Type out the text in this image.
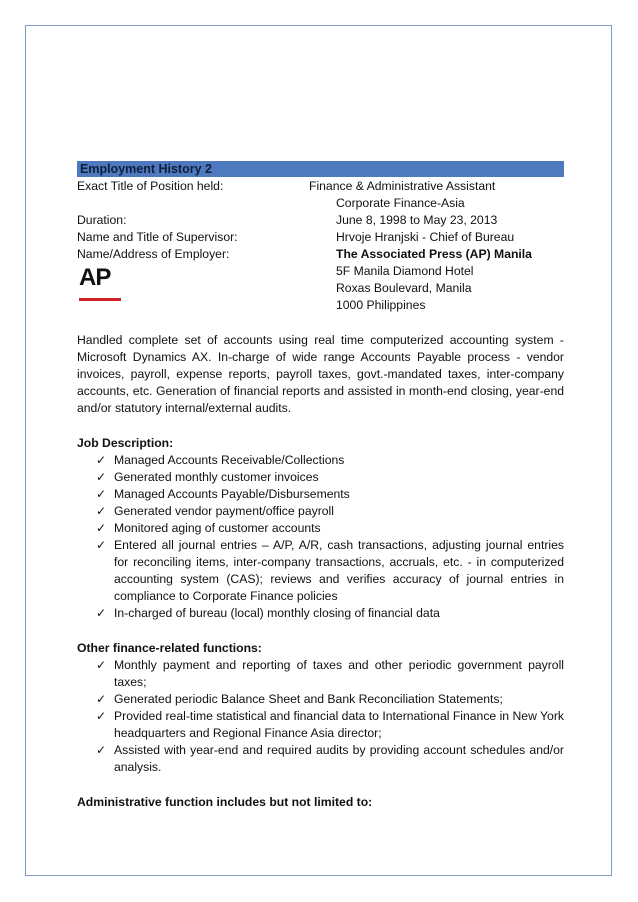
Employment History 2
Exact Title of Position held:	Finance & Administrative Assistant
Corporate Finance-Asia
Duration:	June 8, 1998 to May 23, 2013
Name and Title of Supervisor:	Hrvoje Hranjski - Chief of Bureau
Name/Address of Employer:	The Associated Press (AP) Manila
AP	5F Manila Diamond Hotel
Roxas Boulevard, Manila
1000 Philippines
Handled complete set of accounts using real time computerized accounting system - Microsoft Dynamics AX. In-charge of wide range Accounts Payable process - vendor invoices, payroll, expense reports, payroll taxes, govt.-mandated taxes, inter-company accounts, etc. Generation of financial reports and assisted in month-end closing, year-end and/or statutory internal/external audits.
Job Description:
✓ Managed Accounts Receivable/Collections
✓ Generated monthly customer invoices
✓ Managed Accounts Payable/Disbursements
✓ Generated vendor payment/office payroll
✓ Monitored aging of customer accounts
✓ Entered all journal entries – A/P, A/R, cash transactions, adjusting journal entries for reconciling items, inter-company transactions, accruals, etc. - in computerized accounting system (CAS); reviews and verifies accuracy of journal entries in compliance to Corporate Finance policies
✓ In-charged of bureau (local) monthly closing of financial data
Other finance-related functions:
✓ Monthly payment and reporting of taxes and other periodic government payroll taxes;
✓ Generated periodic Balance Sheet and Bank Reconciliation Statements;
✓ Provided real-time statistical and financial data to International Finance in New York headquarters and Regional Finance Asia director;
✓ Assisted with year-end and required audits by providing account schedules and/or analysis.
Administrative function includes but not limited to:
